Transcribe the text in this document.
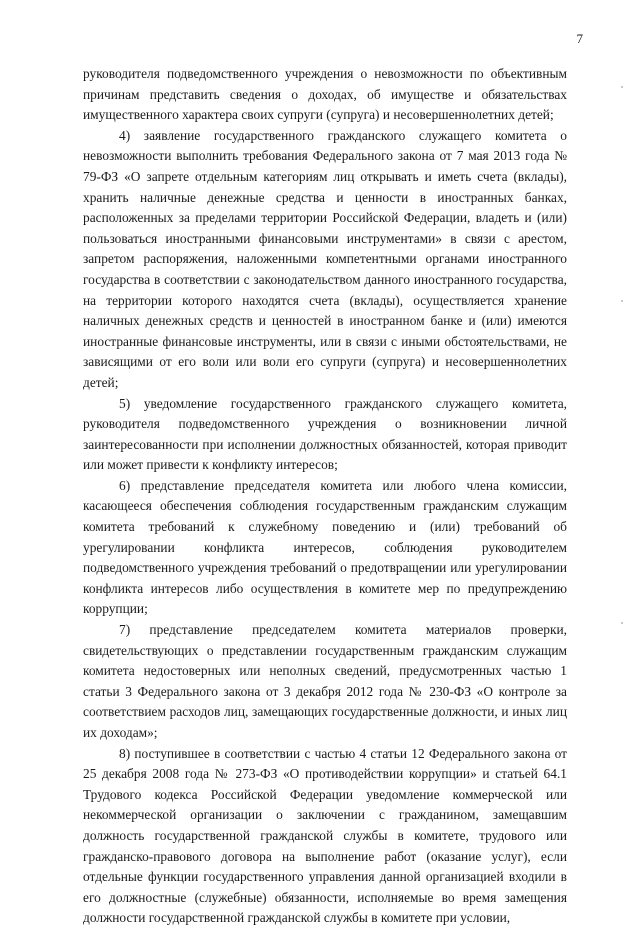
7

руководителя подведомственного учреждения о невозможности по объективным причинам представить сведения о доходах, об имуществе и обязательствах имущественного характера своих супруги (супруга) и несовершеннолетних детей;

4) заявление государственного гражданского служащего комитета о невозможности выполнить требования Федерального закона от 7 мая 2013 года № 79-ФЗ «О запрете отдельным категориям лиц открывать и иметь счета (вклады), хранить наличные денежные средства и ценности в иностранных банках, расположенных за пределами территории Российской Федерации, владеть и (или) пользоваться иностранными финансовыми инструментами» в связи с арестом, запретом распоряжения, наложенными компетентными органами иностранного государства в соответствии с законодательством данного иностранного государства, на территории которого находятся счета (вклады), осуществляется хранение наличных денежных средств и ценностей в иностранном банке и (или) имеются иностранные финансовые инструменты, или в связи с иными обстоятельствами, не зависящими от его воли или воли его супруги (супруга) и несовершеннолетних детей;

5) уведомление государственного гражданского служащего комитета, руководителя подведомственного учреждения о возникновении личной заинтересованности при исполнении должностных обязанностей, которая приводит или может привести к конфликту интересов;

6) представление председателя комитета или любого члена комиссии, касающееся обеспечения соблюдения государственным гражданским служащим комитета требований к служебному поведению и (или) требований об урегулировании конфликта интересов, соблюдения руководителем подведомственного учреждения требований о предотвращении или урегулировании конфликта интересов либо осуществления в комитете мер по предупреждению коррупции;

7) представление председателем комитета материалов проверки, свидетельствующих о представлении государственным гражданским служащим комитета недостоверных или неполных сведений, предусмотренных частью 1 статьи 3 Федерального закона от 3 декабря 2012 года № 230-ФЗ «О контроле за соответствием расходов лиц, замещающих государственные должности, и иных лиц их доходам»;

8) поступившее в соответствии с частью 4 статьи 12 Федерального закона от 25 декабря 2008 года № 273-ФЗ «О противодействии коррупции» и статьей 64.1 Трудового кодекса Российской Федерации уведомление коммерческой или некоммерческой организации о заключении с гражданином, замещавшим должность государственной гражданской службы в комитете, трудового или гражданско-правового договора на выполнение работ (оказание услуг), если отдельные функции государственного управления данной организацией входили в его должностные (служебные) обязанности, исполняемые во время замещения должности государственной гражданской службы в комитете при условии,
